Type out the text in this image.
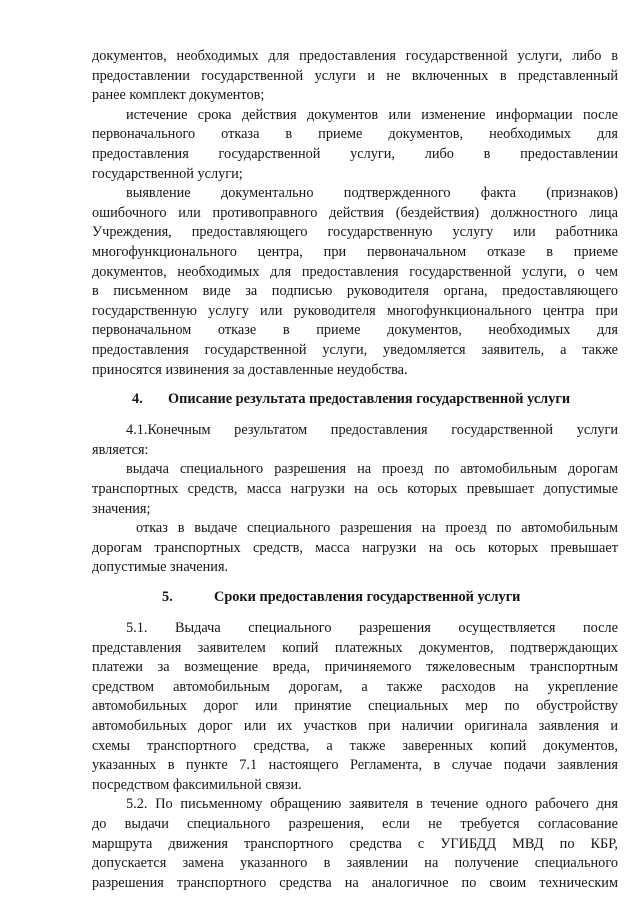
документов, необходимых для предоставления государственной услуги, либо в
предоставлении государственной услуги и не включенных в представленный
ранее комплект документов;
истечение срока действия документов или изменение информации после
первоначального отказа в приеме документов, необходимых для
предоставления государственной услуги, либо в предоставлении
государственной услуги;
выявление документально подтвержденного факта (признаков)
ошибочного или противоправного действия (бездействия) должностного лица
Учреждения, предоставляющего государственную услугу или работника
многофункционального центра, при первоначальном отказе в приеме
документов, необходимых для предоставления государственной услуги, о чем
в письменном виде за подписью руководителя органа, предоставляющего
государственную услугу или руководителя многофункционального центра при
первоначальном отказе в приеме документов, необходимых для
предоставления государственной услуги, уведомляется заявитель, а также
приносятся извинения за доставленные неудобства.
4. Описание результата предоставления государственной услуги
4.1.Конечным результатом предоставления государственной услуги
является:
выдача специального разрешения на проезд по автомобильным дорогам
транспортных средств, масса нагрузки на ось которых превышает допустимые
значения;
отказ в выдаче специального разрешения на проезд по автомобильным
дорогам транспортных средств, масса нагрузки на ось которых превышает
допустимые значения.
5.	Сроки предоставления государственной услуги
5.1. Выдача специального разрешения осуществляется после
представления заявителем копий платежных документов, подтверждающих
платежи за возмещение вреда, причиняемого тяжеловесным транспортным
средством автомобильным дорогам, а также расходов на укрепление
автомобильных дорог или принятие специальных мер по обустройству
автомобильных дорог или их участков при наличии оригинала заявления и
схемы транспортного средства, а также заверенных копий документов,
указанных в пункте 7.1 настоящего Регламента, в случае подачи заявления
посредством факсимильной связи.
5.2. По письменному обращению заявителя в течение одного рабочего дня
до выдачи специального разрешения, если не требуется согласование
маршрута движения транспортного средства с УГИБДД МВД по КБР,
допускается замена указанного в заявлении на получение специального
разрешения транспортного средства на аналогичное по своим техническим
